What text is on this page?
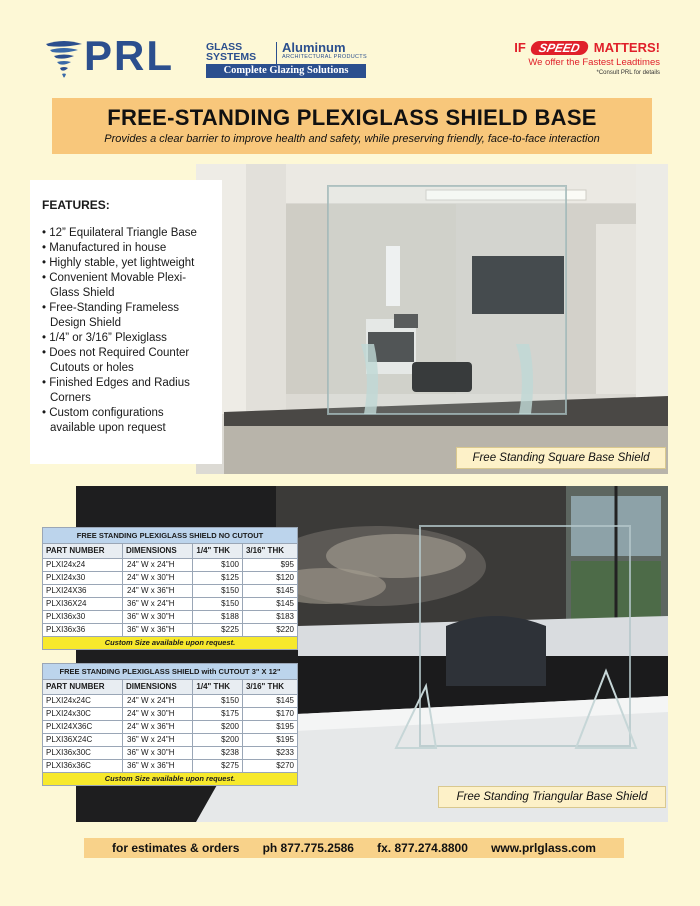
PRL	GLASS
SYSTEMS
Aluminum
ARCHITECTURAL PRODUCTS
Complete Glazing Solutions
IF SPEED MATTERS!
We offer the Fastest Leadtimes
*Consult PRL for details
FREE-STANDING PLEXIGLASS SHIELD BASE
Provides a clear barrier to improve health and safety, while preserving friendly, face-to-face interaction
FEATURES:
• 12” Equilateral Triangle Base
• Manufactured in house
• Highly stable, yet lightweight
• Convenient Movable Plexi-Glass Shield
• Free-Standing Frameless Design Shield
• 1/4” or 3/16” Plexiglass
• Does not Required Counter Cutouts or holes
• Finished Edges and Radius Corners
• Custom configurations available upon request
Free Standing Square Base Shield
FREE STANDING PLEXIGLASS SHIELD NO CUTOUT			
PART NUMBER	DIMENSIONS	1/4" THK	3/16" THK
PLXI24x24	24" W x 24"H	$100	$95
PLXI24x30	24" W x 30"H	$125	$120
PLXI24X36	24" W x 36"H	$150	$145
PLXI36X24	36" W x 24"H	$150	$145
PLXI36x30	36" W x 30"H	$188	$183
PLXI36x36	36" W x 36"H	$225	$220
Custom Size available upon request.			
FREE STANDING PLEXIGLASS SHIELD with CUTOUT 3" X 12"			
PART NUMBER	DIMENSIONS	1/4" THK	3/16" THK
PLXI24x24C	24" W x 24"H	$150	$145
PLXI24x30C	24" W x 30"H	$175	$170
PLXI24X36C	24" W x 36"H	$200	$195
PLXI36X24C	36" W x 24"H	$200	$195
PLXI36x30C	36" W x 30"H	$238	$233
PLXI36x36C	36" W x 36"H	$275	$270
Custom Size available upon request.			
Free Standing Triangular Base Shield
for estimates & orders ph 877.775.2586 fx. 877.274.8800 www.prlglass.com
